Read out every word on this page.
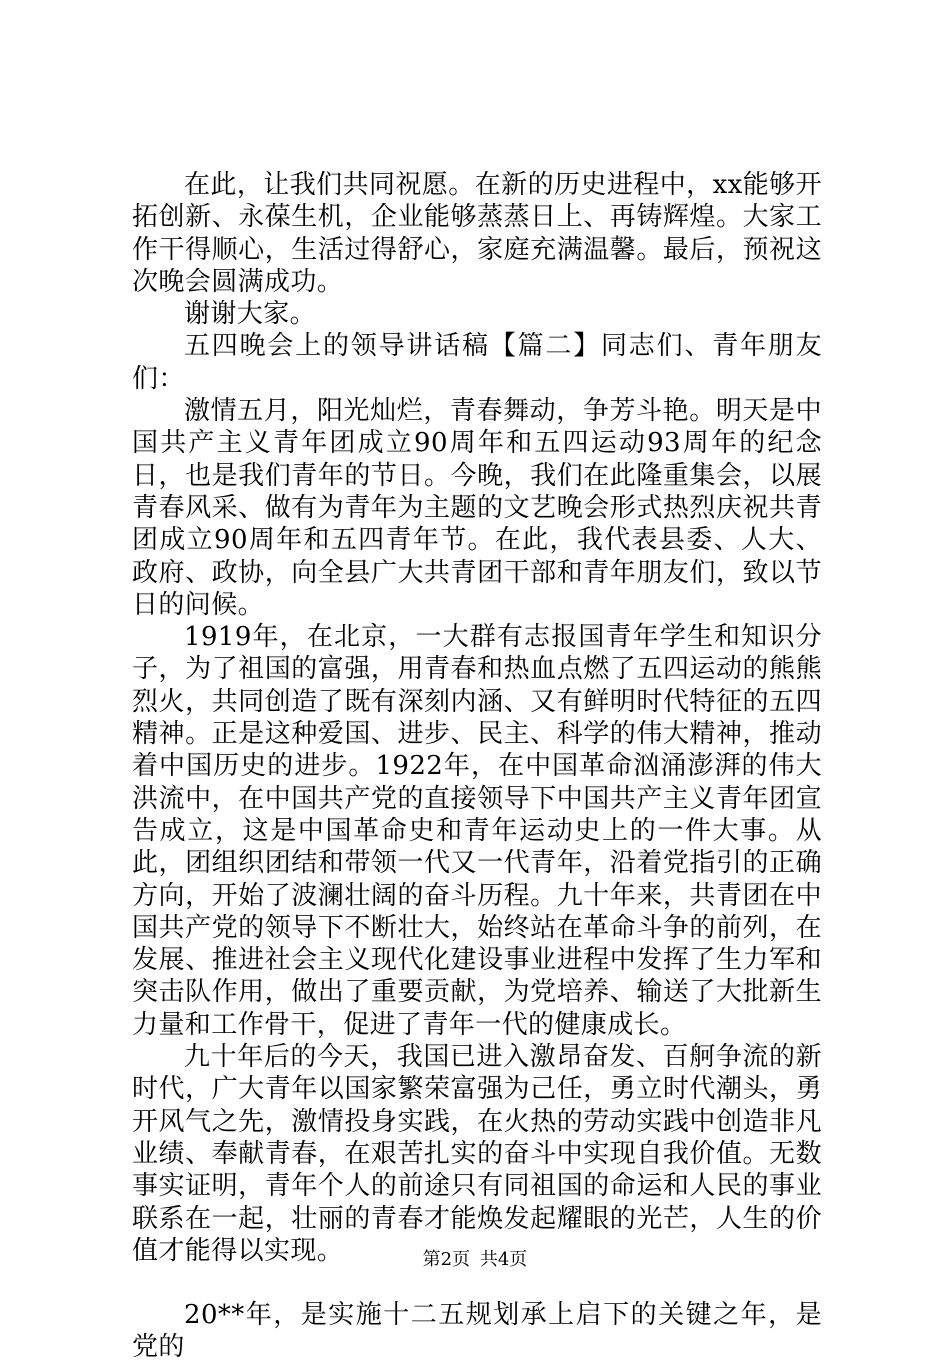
在此，让我们共同祝愿。在新的历史进程中，xx能够开拓创新、永葆生机，企业能够蒸蒸日上、再铸辉煌。大家工作干得顺心，生活过得舒心，家庭充满温馨。最后，预祝这次晚会圆满成功。

谢谢大家。

五四晚会上的领导讲话稿【篇二】同志们、青年朋友们：

激情五月，阳光灿烂，青春舞动，争芳斗艳。明天是中国共产主义青年团成立90周年和五四运动93周年的纪念日，也是我们青年的节日。今晚，我们在此隆重集会，以展青春风采、做有为青年为主题的文艺晚会形式热烈庆祝共青团成立90周年和五四青年节。在此，我代表县委、人大、政府、政协，向全县广大共青团干部和青年朋友们，致以节日的问候。

1919年，在北京，一大群有志报国青年学生和知识分子，为了祖国的富强，用青春和热血点燃了五四运动的熊熊烈火，共同创造了既有深刻内涵、又有鲜明时代特征的五四精神。正是这种爱国、进步、民主、科学的伟大精神，推动着中国历史的进步。1922年，在中国革命汹涌澎湃的伟大洪流中，在中国共产党的直接领导下中国共产主义青年团宣告成立，这是中国革命史和青年运动史上的一件大事。从此，团组织团结和带领一代又一代青年，沿着党指引的正确方向，开始了波澜壮阔的奋斗历程。九十年来，共青团在中国共产党的领导下不断壮大，始终站在革命斗争的前列，在发展、推进社会主义现代化建设事业进程中发挥了生力军和突击队作用，做出了重要贡献，为党培养、输送了大批新生力量和工作骨干，促进了青年一代的健康成长。

九十年后的今天，我国已进入激昂奋发、百舸争流的新时代，广大青年以国家繁荣富强为己任，勇立时代潮头，勇开风气之先，激情投身实践，在火热的劳动实践中创造非凡业绩、奉献青春，在艰苦扎实的奋斗中实现自我价值。无数事实证明，青年个人的前途只有同祖国的命运和人民的事业联系在一起，壮丽的青春才能焕发起耀眼的光芒，人生的价值才能得以实现。

20**年，是实施十二五规划承上启下的关键之年，是党的

第2页 共4页
